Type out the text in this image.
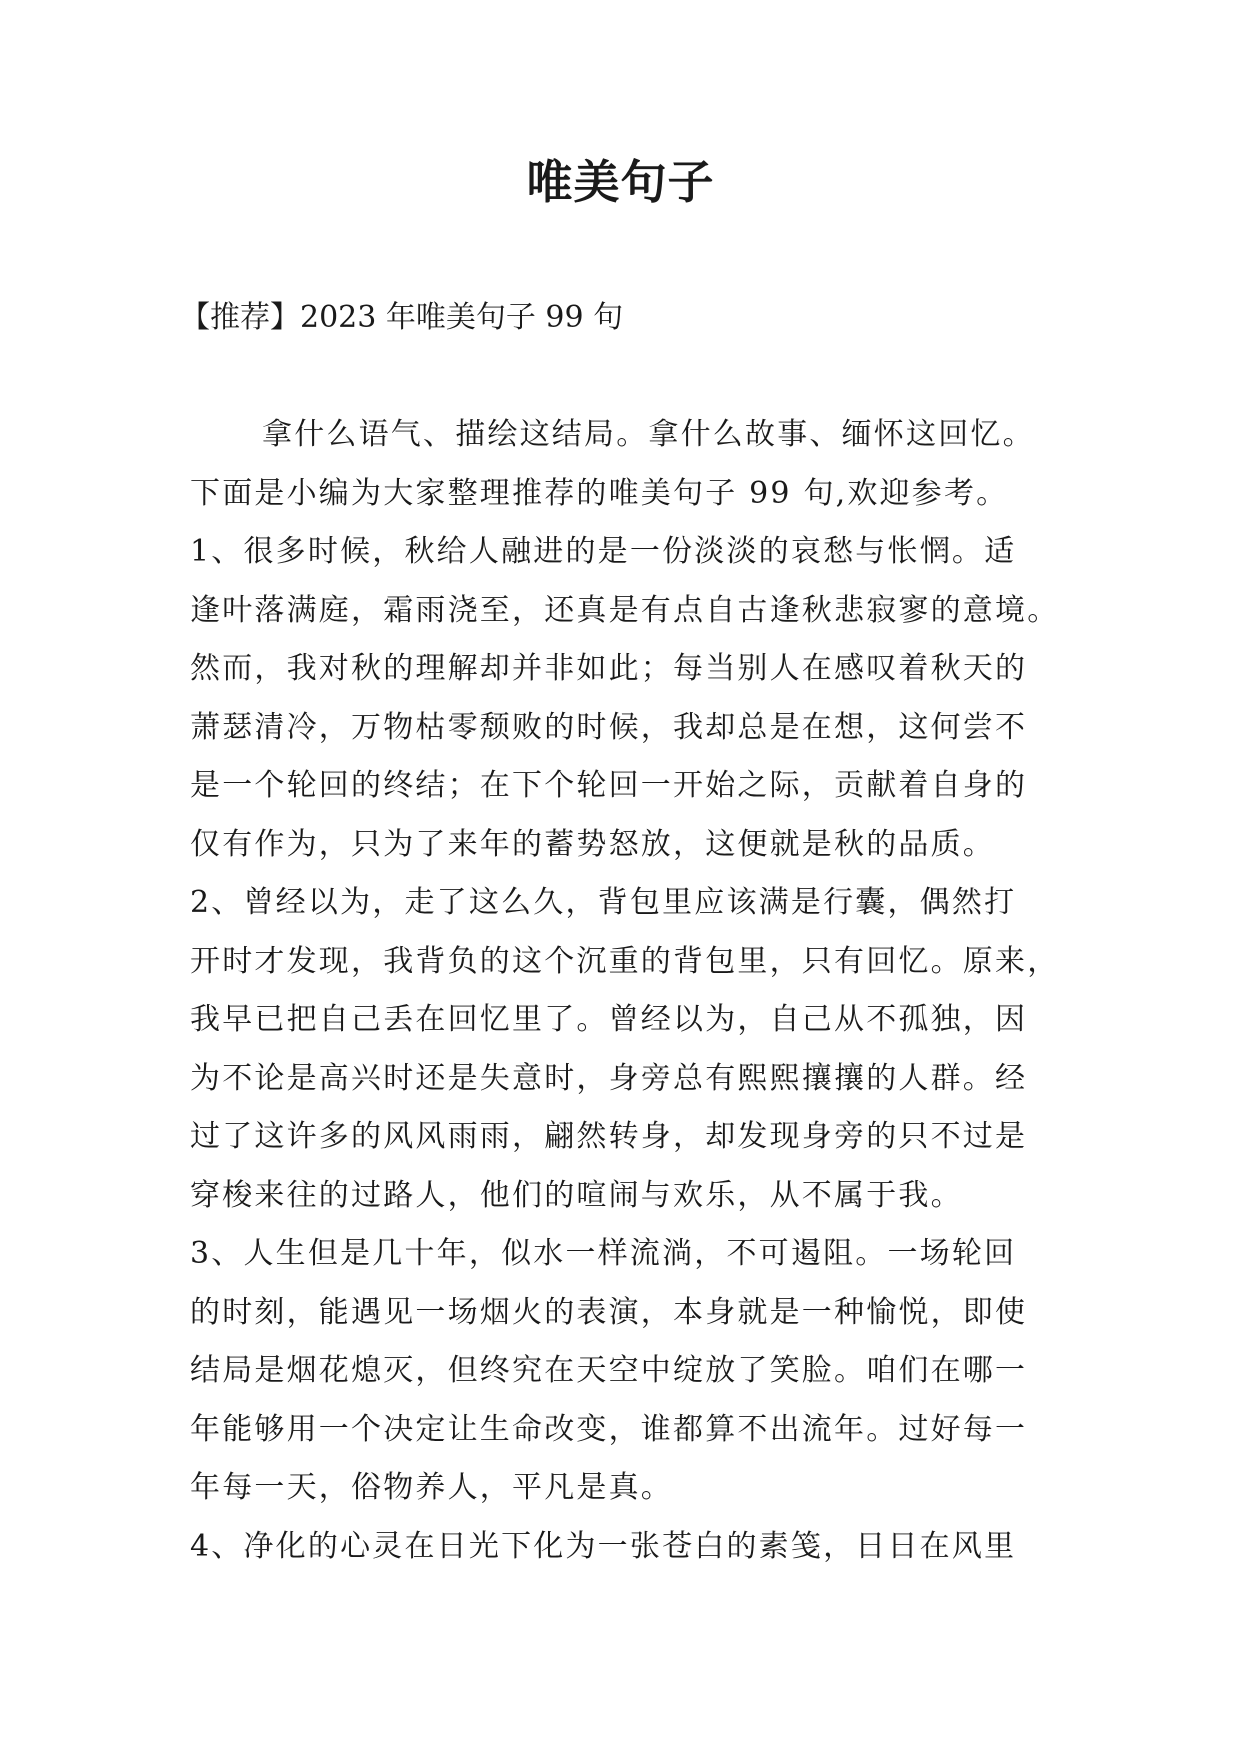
唯美句子
【推荐】2023 年唯美句子 99 句
拿什么语气、描绘这结局。拿什么故事、缅怀这回忆。
下面是小编为大家整理推荐的唯美句子 99 句,欢迎参考。
1、很多时候，秋给人融进的是一份淡淡的哀愁与怅惘。适
逢叶落满庭，霜雨浇至，还真是有点自古逢秋悲寂寥的意境。
然而，我对秋的理解却并非如此；每当别人在感叹着秋天的
萧瑟清冷，万物枯零颓败的时候，我却总是在想，这何尝不
是一个轮回的终结；在下个轮回一开始之际，贡献着自身的
仅有作为，只为了来年的蓄势怒放，这便就是秋的品质。
2、曾经以为，走了这么久，背包里应该满是行囊，偶然打
开时才发现，我背负的这个沉重的背包里，只有回忆。原来，
我早已把自己丢在回忆里了。曾经以为，自己从不孤独，因
为不论是高兴时还是失意时，身旁总有熙熙攘攘的人群。经
过了这许多的风风雨雨，翩然转身，却发现身旁的只不过是
穿梭来往的过路人，他们的喧闹与欢乐，从不属于我。
3、人生但是几十年，似水一样流淌，不可遏阻。一场轮回
的时刻，能遇见一场烟火的表演，本身就是一种愉悦，即使
结局是烟花熄灭，但终究在天空中绽放了笑脸。咱们在哪一
年能够用一个决定让生命改变，谁都算不出流年。过好每一
年每一天，俗物养人，平凡是真。
4、净化的心灵在日光下化为一张苍白的素笺，日日在风里
